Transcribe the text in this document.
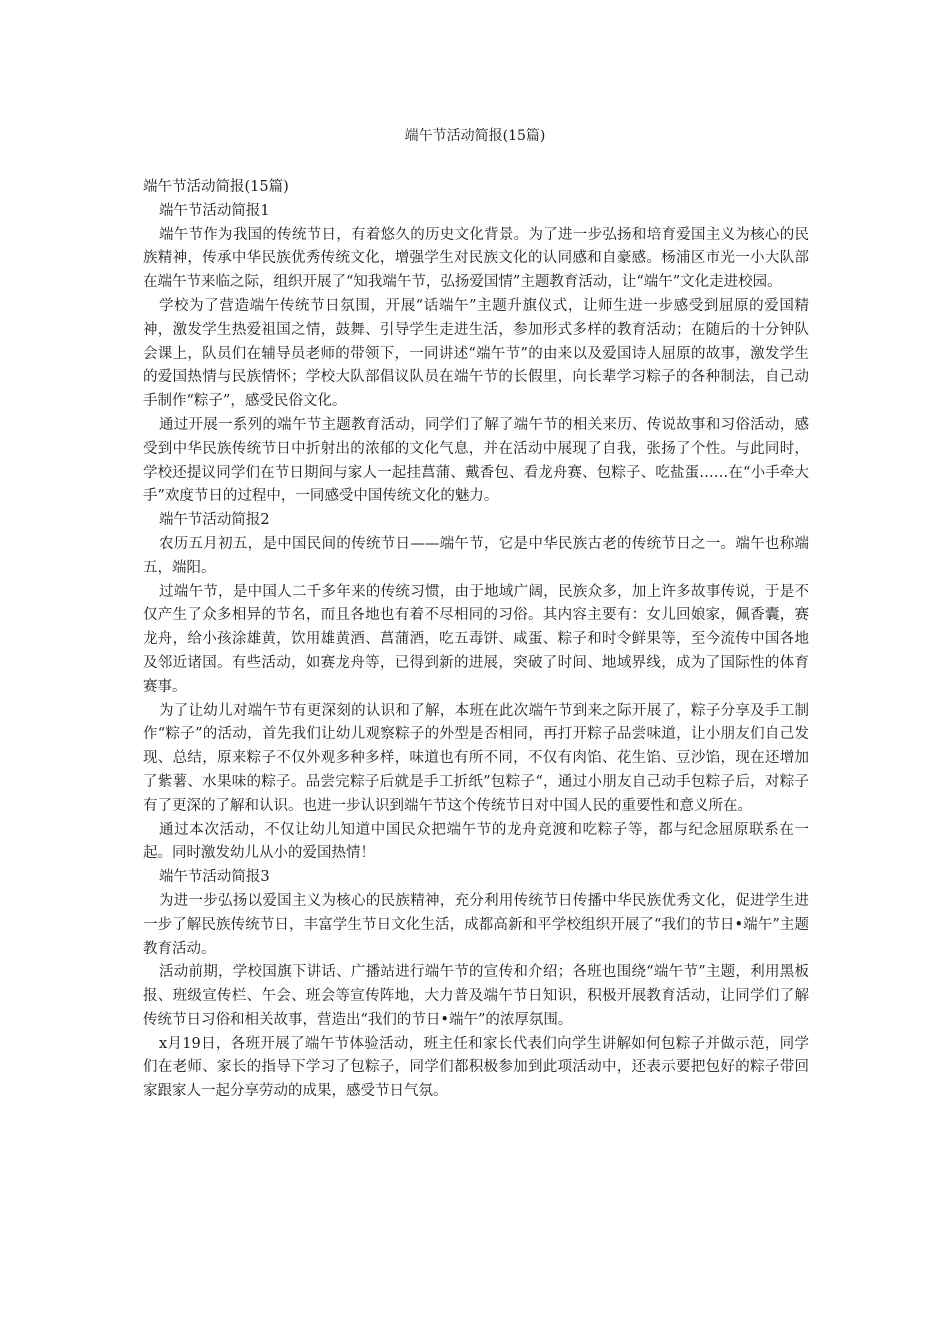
端午节活动简报(15篇)

端午节活动简报(15篇)

端午节活动简报1

端午节作为我国的传统节日，有着悠久的历史文化背景。为了进一步弘扬和培育爱国主义为核心的民族精神，传承中华民族优秀传统文化，增强学生对民族文化的认同感和自豪感。杨浦区市光一小大队部在端午节来临之际，组织开展了“知我端午节，弘扬爱国情”主题教育活动，让“端午”文化走进校园。

学校为了营造端午传统节日氛围，开展“话端午”主题升旗仪式，让师生进一步感受到屈原的爱国精神，激发学生热爱祖国之情，鼓舞、引导学生走进生活，参加形式多样的教育活动；在随后的十分钟队会课上，队员们在辅导员老师的带领下，一同讲述“端午节”的由来以及爱国诗人屈原的故事，激发学生的爱国热情与民族情怀；学校大队部倡议队员在端午节的长假里，向长辈学习粽子的各种制法，自己动手制作“粽子”，感受民俗文化。

通过开展一系列的端午节主题教育活动，同学们了解了端午节的相关来历、传说故事和习俗活动，感受到中华民族传统节日中折射出的浓郁的文化气息，并在活动中展现了自我，张扬了个性。与此同时，学校还提议同学们在节日期间与家人一起挂菖蒲、戴香包、看龙舟赛、包粽子、吃盐蛋……在“小手牵大手”欢度节日的过程中，一同感受中国传统文化的魅力。

端午节活动简报2

农历五月初五，是中国民间的传统节日——端午节，它是中华民族古老的传统节日之一。端午也称端五，端阳。

过端午节，是中国人二千多年来的传统习惯，由于地域广阔，民族众多，加上许多故事传说，于是不仅产生了众多相异的节名，而且各地也有着不尽相同的习俗。其内容主要有：女儿回娘家，佩香囊，赛龙舟，给小孩涂雄黄，饮用雄黄酒、菖蒲酒，吃五毒饼、咸蛋、粽子和时令鲜果等，至今流传中国各地及邻近诸国。有些活动，如赛龙舟等，已得到新的进展，突破了时间、地域界线，成为了国际性的体育赛事。

为了让幼儿对端午节有更深刻的认识和了解，本班在此次端午节到来之际开展了，粽子分享及手工制作“粽子”的活动，首先我们让幼儿观察粽子的外型是否相同，再打开粽子品尝味道，让小朋友们自己发现、总结，原来粽子不仅外观多种多样，味道也有所不同，不仅有肉馅、花生馅、豆沙馅，现在还增加了紫薯、水果味的粽子。品尝完粽子后就是手工折纸”包粽子“，通过小朋友自己动手包粽子后，对粽子有了更深的了解和认识。也进一步认识到端午节这个传统节日对中国人民的重要性和意义所在。

通过本次活动，不仅让幼儿知道中国民众把端午节的龙舟竞渡和吃粽子等，都与纪念屈原联系在一起。同时激发幼儿从小的爱国热情！

端午节活动简报3

为进一步弘扬以爱国主义为核心的民族精神，充分利用传统节日传播中华民族优秀文化，促进学生进一步了解民族传统节日，丰富学生节日文化生活，成都高新和平学校组织开展了“我们的节日•端午”主题教育活动。

活动前期，学校国旗下讲话、广播站进行端午节的宣传和介绍；各班也围绕“端午节”主题，利用黑板报、班级宣传栏、午会、班会等宣传阵地，大力普及端午节日知识，积极开展教育活动，让同学们了解传统节日习俗和相关故事，营造出“我们的节日•端午”的浓厚氛围。

x月19日，各班开展了端午节体验活动，班主任和家长代表们向学生讲解如何包粽子并做示范，同学们在老师、家长的指导下学习了包粽子，同学们都积极参加到此项活动中，还表示要把包好的粽子带回家跟家人一起分享劳动的成果，感受节日气氛。
